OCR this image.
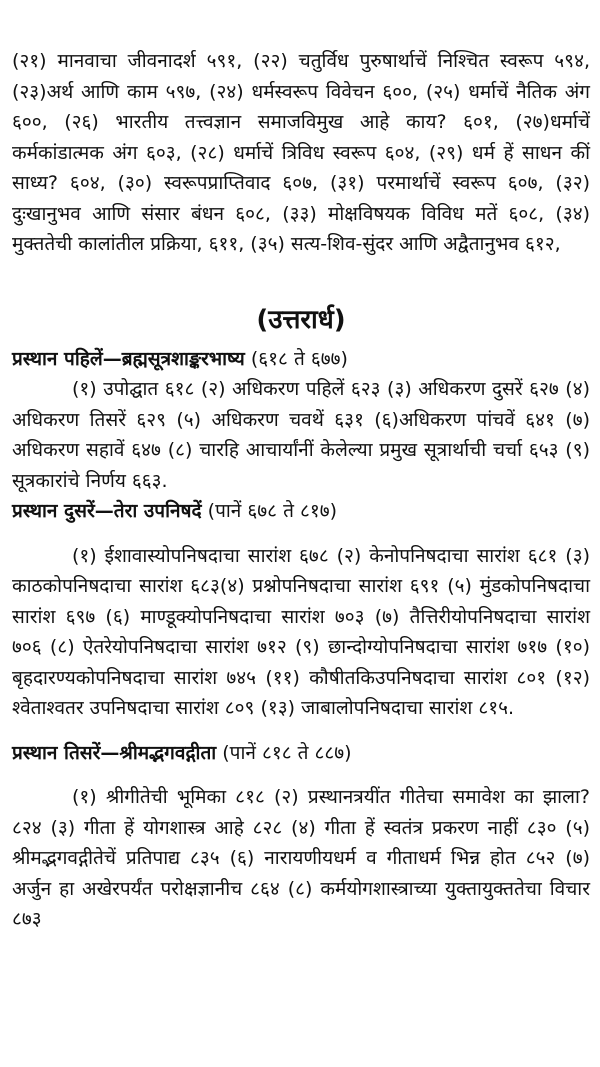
(२१) मानवाचा जीवनादर्श ५९१, (२२) चतुर्विध पुरुषार्थाचें निश्चित स्वरूप ५९४, (२३)अर्थ आणि काम ५९७, (२४) धर्मस्वरूप विवेचन ६००, (२५) धर्माचें नैतिक अंग ६००, (२६) भारतीय तत्त्वज्ञान समाजविमुख आहे काय? ६०१, (२७)धर्माचें कर्मकांडात्मक अंग ६०३, (२८) धर्माचें त्रिविध स्वरूप ६०४, (२९) धर्म हें साधन कीं साध्य? ६०४, (३०) स्वरूपप्राप्तिवाद ६०७, (३१) परमार्थाचें स्वरूप ६०७, (३२) दुःखानुभव आणि संसार बंधन ६०८, (३३) मोक्षविषयक विविध मतें ६०८, (३४) मुक्ततेची कालांतील प्रक्रिया, ६११, (३५) सत्य-शिव-सुंदर आणि अद्वैतानुभव ६१२,

(उत्तरार्ध)

प्रस्थान पहिलें—ब्रह्मसूत्रशाङ्करभाष्य (६१८ ते ६७७)

(१) उपोद्घात ६१८ (२) अधिकरण पहिलें ६२३ (३) अधिकरण दुसरें ६२७ (४) अधिकरण तिसरें ६२९ (५) अधिकरण चवथें ६३१ (६)अधिकरण पांचवें ६४१ (७) अधिकरण सहावें ६४७ (८) चारहि आचार्यांनीं केलेल्या प्रमुख सूत्रार्थाची चर्चा ६५३ (९) सूत्रकारांचे निर्णय ६६३.

प्रस्थान दुसरें—तेरा उपनिषदें (पानें ६७८ ते ८१७)

(१) ईशावास्योपनिषदाचा सारांश ६७८ (२) केनोपनिषदाचा सारांश ६८१ (३) काठकोपनिषदाचा सारांश ६८३(४) प्रश्नोपनिषदाचा सारांश ६९१ (५) मुंडकोपनिषदाचा सारांश ६९७ (६) माण्डूक्योपनिषदाचा सारांश ७०३ (७) तैत्तिरीयोपनिषदाचा सारांश ७०६ (८) ऐतरेयोपनिषदाचा सारांश ७१२ (९) छान्दोग्योपनिषदाचा सारांश ७१७ (१०) बृहदारण्यकोपनिषदाचा सारांश ७४५ (११) कौषीतकिउपनिषदाचा सारांश ८०१ (१२) श्वेताश्वतर उपनिषदाचा सारांश ८०९ (१३) जाबालोपनिषदाचा सारांश ८१५.

प्रस्थान तिसरें—श्रीमद्भगवद्गीता (पानें ८१८ ते ८८७)

(१) श्रीगीतेची भूमिका ८१८ (२) प्रस्थानत्रयींत गीतेचा समावेश का झाला? ८२४ (३) गीता हें योगशास्त्र आहे ८२८ (४) गीता हें स्वतंत्र प्रकरण नाहीं ८३० (५) श्रीमद्भगवद्गीतेचें प्रतिपाद्य ८३५ (६) नारायणीयधर्म व गीताधर्म भिन्न होत ८५२ (७) अर्जुन हा अखेरपर्यंत परोक्षज्ञानीच ८६४ (८) कर्मयोगशास्त्राच्या युक्तायुक्ततेचा विचार ८७३
